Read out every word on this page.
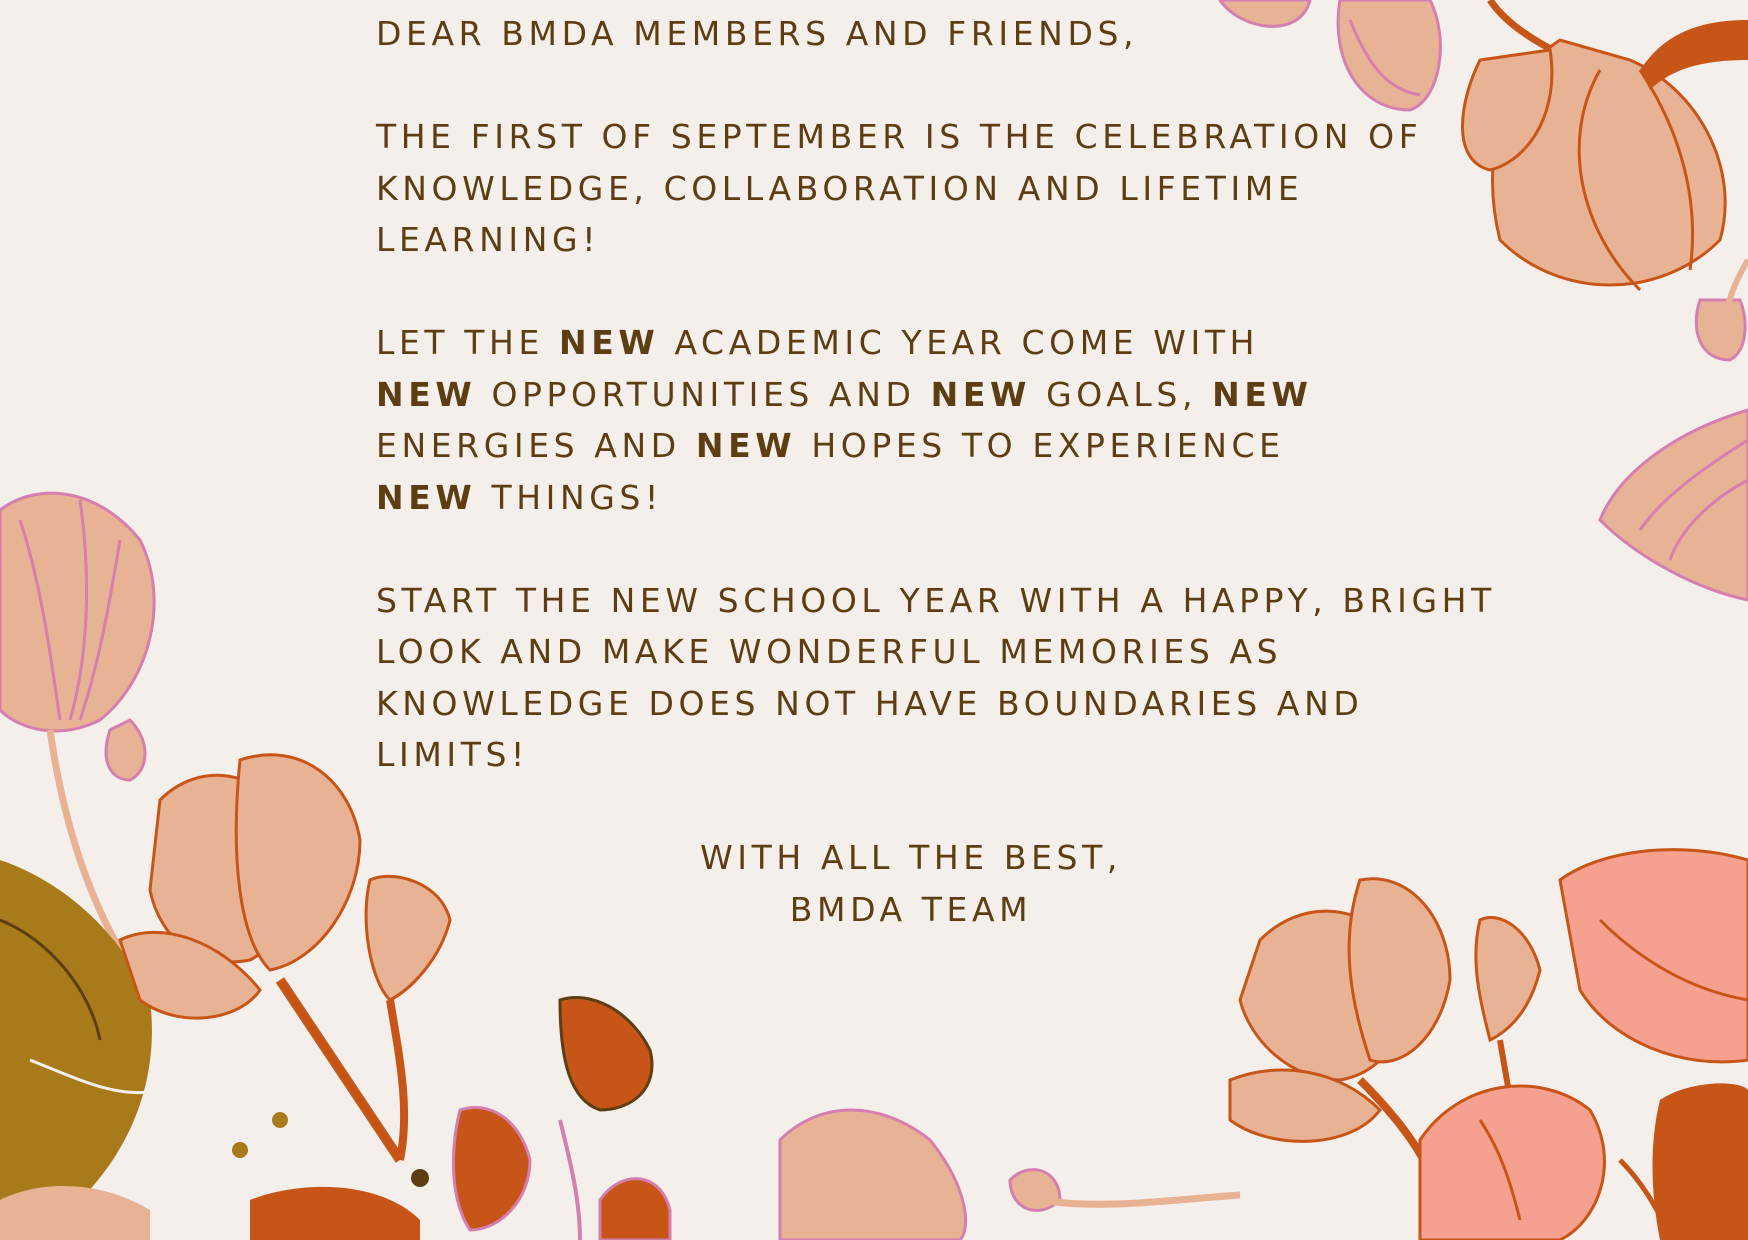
DEAR BMDA MEMBERS AND FRIENDS,

THE FIRST OF SEPTEMBER IS THE CELEBRATION OF KNOWLEDGE, COLLABORATION AND LIFETIME LEARNING!

LET THE NEW ACADEMIC YEAR COME WITH
NEW OPPORTUNITIES AND NEW GOALS, NEW
ENERGIES AND NEW HOPES TO EXPERIENCE
NEW THINGS!

START THE NEW SCHOOL YEAR WITH A HAPPY, BRIGHT LOOK AND MAKE WONDERFUL MEMORIES AS KNOWLEDGE DOES NOT HAVE BOUNDARIES AND LIMITS!

WITH ALL THE BEST,

BMDA TEAM
